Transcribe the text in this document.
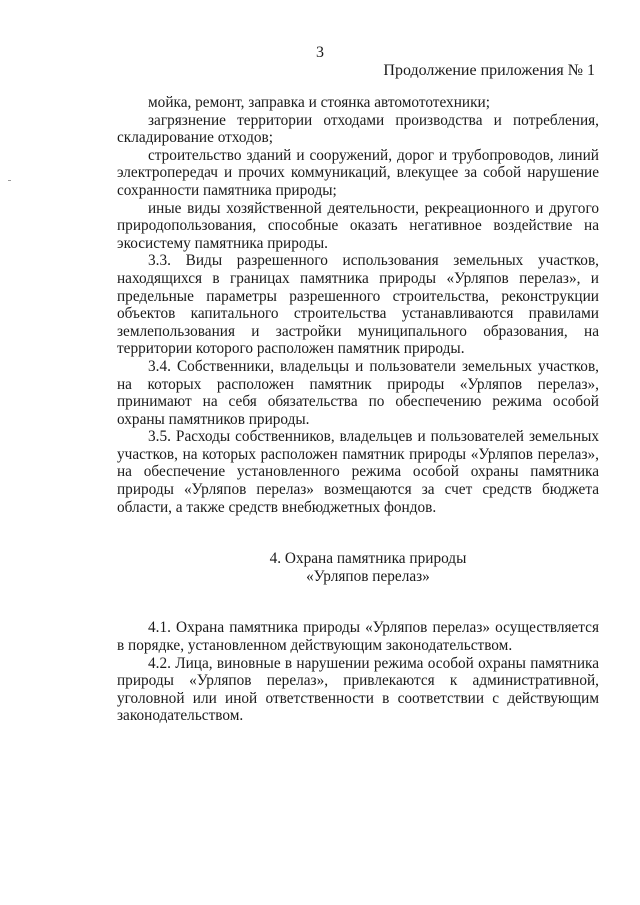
3
Продолжение приложения № 1

мойка, ремонт, заправка и стоянка автомототехники;

загрязнение территории отходами производства и потребления, складирование отходов;

строительство зданий и сооружений, дорог и трубопроводов, линий электропередач и прочих коммуникаций, влекущее за собой нарушение сохранности памятника природы;

иные виды хозяйственной деятельности, рекреационного и другого природопользования, способные оказать негативное воздействие на экосистему памятника природы.

3.3. Виды разрешенного использования земельных участков, находящихся в границах памятника природы «Урляпов перелаз», и предельные параметры разрешенного строительства, реконструкции объектов капитального строительства устанавливаются правилами землепользования и застройки муниципального образования, на территории которого расположен памятник природы.

3.4. Собственники, владельцы и пользователи земельных участков, на которых расположен памятник природы «Урляпов перелаз», принимают на себя обязательства по обеспечению режима особой охраны памятников природы.

3.5. Расходы собственников, владельцев и пользователей земельных участков, на которых расположен памятник природы «Урляпов перелаз», на обеспечение установленного режима особой охраны памятника природы «Урляпов перелаз» возмещаются за счет средств бюджета области, а также средств внебюджетных фондов.

4. Охрана памятника природы

«Урляпов перелаз»

4.1. Охрана памятника природы «Урляпов перелаз» осуществляется в порядке, установленном действующим законодательством.

4.2. Лица, виновные в нарушении режима особой охраны памятника природы «Урляпов перелаз», привлекаются к административной, уголовной или иной ответственности в соответствии с действующим законодательством.
